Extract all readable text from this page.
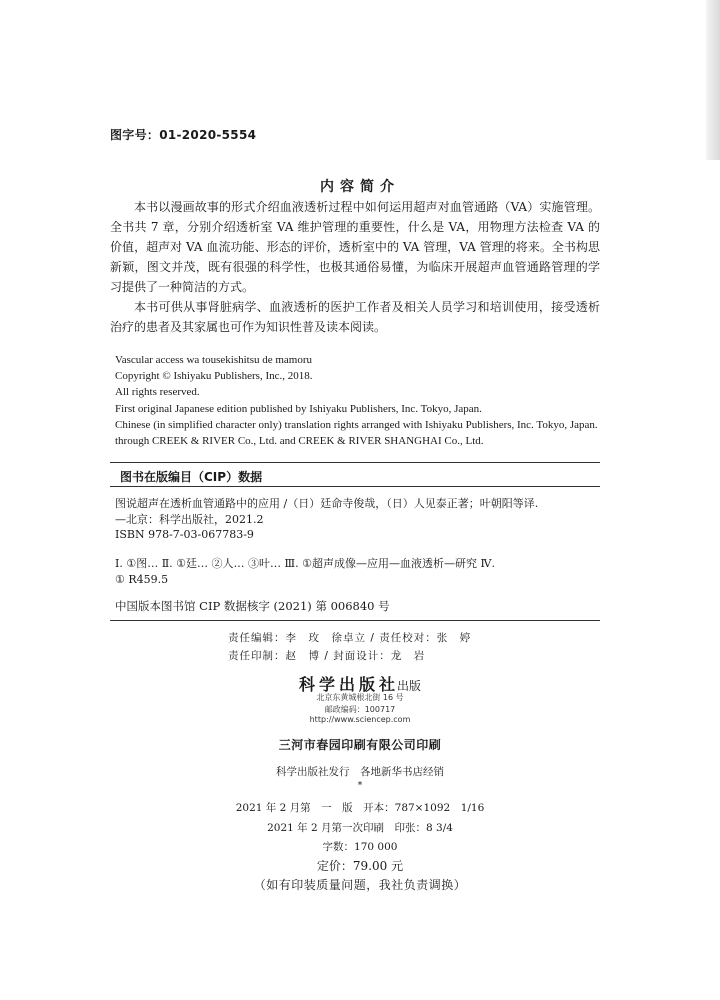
图字号：01-2020-5554
内容简介

本书以漫画故事的形式介绍血液透析过程中如何运用超声对血管通路（VA）实施管理。全书共 7 章，分别介绍透析室 VA 维护管理的重要性，什么是 VA，用物理方法检查 VA 的价值，超声对 VA 血流功能、形态的评价，透析室中的 VA 管理，VA 管理的将来。全书构思新颖，图文并茂，既有很强的科学性，也极其通俗易懂，为临床开展超声血管通路管理的学习提供了一种简洁的方式。

本书可供从事肾脏病学、血液透析的医护工作者及相关人员学习和培训使用，接受透析治疗的患者及其家属也可作为知识性普及读本阅读。

Vascular access wa tousekishitsu de mamoru
Copyright © Ishiyaku Publishers, Inc., 2018.
All rights reserved.
First original Japanese edition published by Ishiyaku Publishers, Inc. Tokyo, Japan.
Chinese (in simplified character only) translation rights arranged with Ishiyaku Publishers, Inc. Tokyo, Japan.
through CREEK & RIVER Co., Ltd. and CREEK & RIVER SHANGHAI Co., Ltd.
图书在版编目（CIP）数据
图说超声在透析血管通路中的应用 /（日）廷命寺俊哉，（日）人见泰正著；叶朝阳等译.
—北京：科学出版社，2021.2
ISBN 978-7-03-067783-9
Ⅰ. ①图… Ⅱ. ①廷… ②人… ③叶… Ⅲ. ①超声成像—应用—血液透析—研究 Ⅳ.
① R459.5
中国版本图书馆 CIP 数据核字 (2021) 第 006840 号
责任编辑：李　玫　徐卓立 / 责任校对：张　婷
责任印制：赵　博 / 封面设计：龙　岩
科 学 出 版 社 出版
北京东黄城根北街 16 号
邮政编码：100717
http://www.sciencep.com
三河市春园印刷有限公司印刷
科学出版社发行　各地新华书店经销
*
2021 年 2 月第　一　版　开本：787×1092　1/16
2021 年 2 月第一次印刷　印张：8 3/4
字数：170 000
定价：79.00 元
（如有印装质量问题，我社负责调换）
